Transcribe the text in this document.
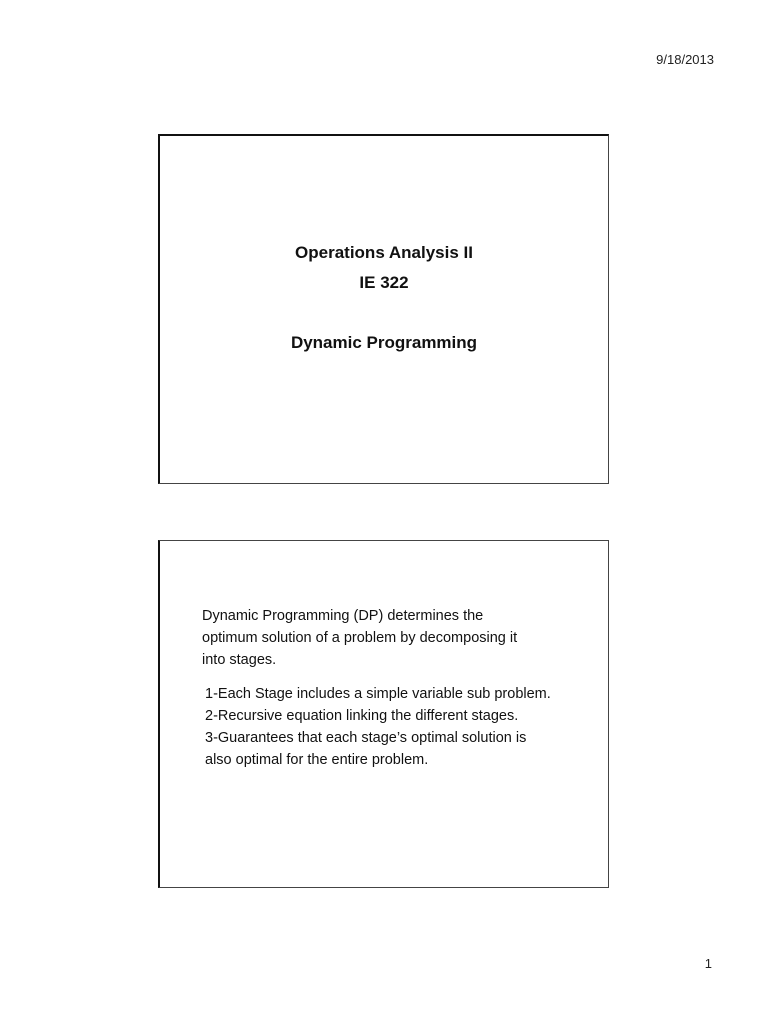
9/18/2013
Operations Analysis II
IE 322
Dynamic Programming
Dynamic Programming (DP) determines the
optimum solution of a problem by decomposing it
into stages.
1-Each Stage includes a simple variable sub problem.
2-Recursive equation linking the different stages.
3-Guarantees that each stage’s optimal solution is
also optimal for the entire problem.
1
